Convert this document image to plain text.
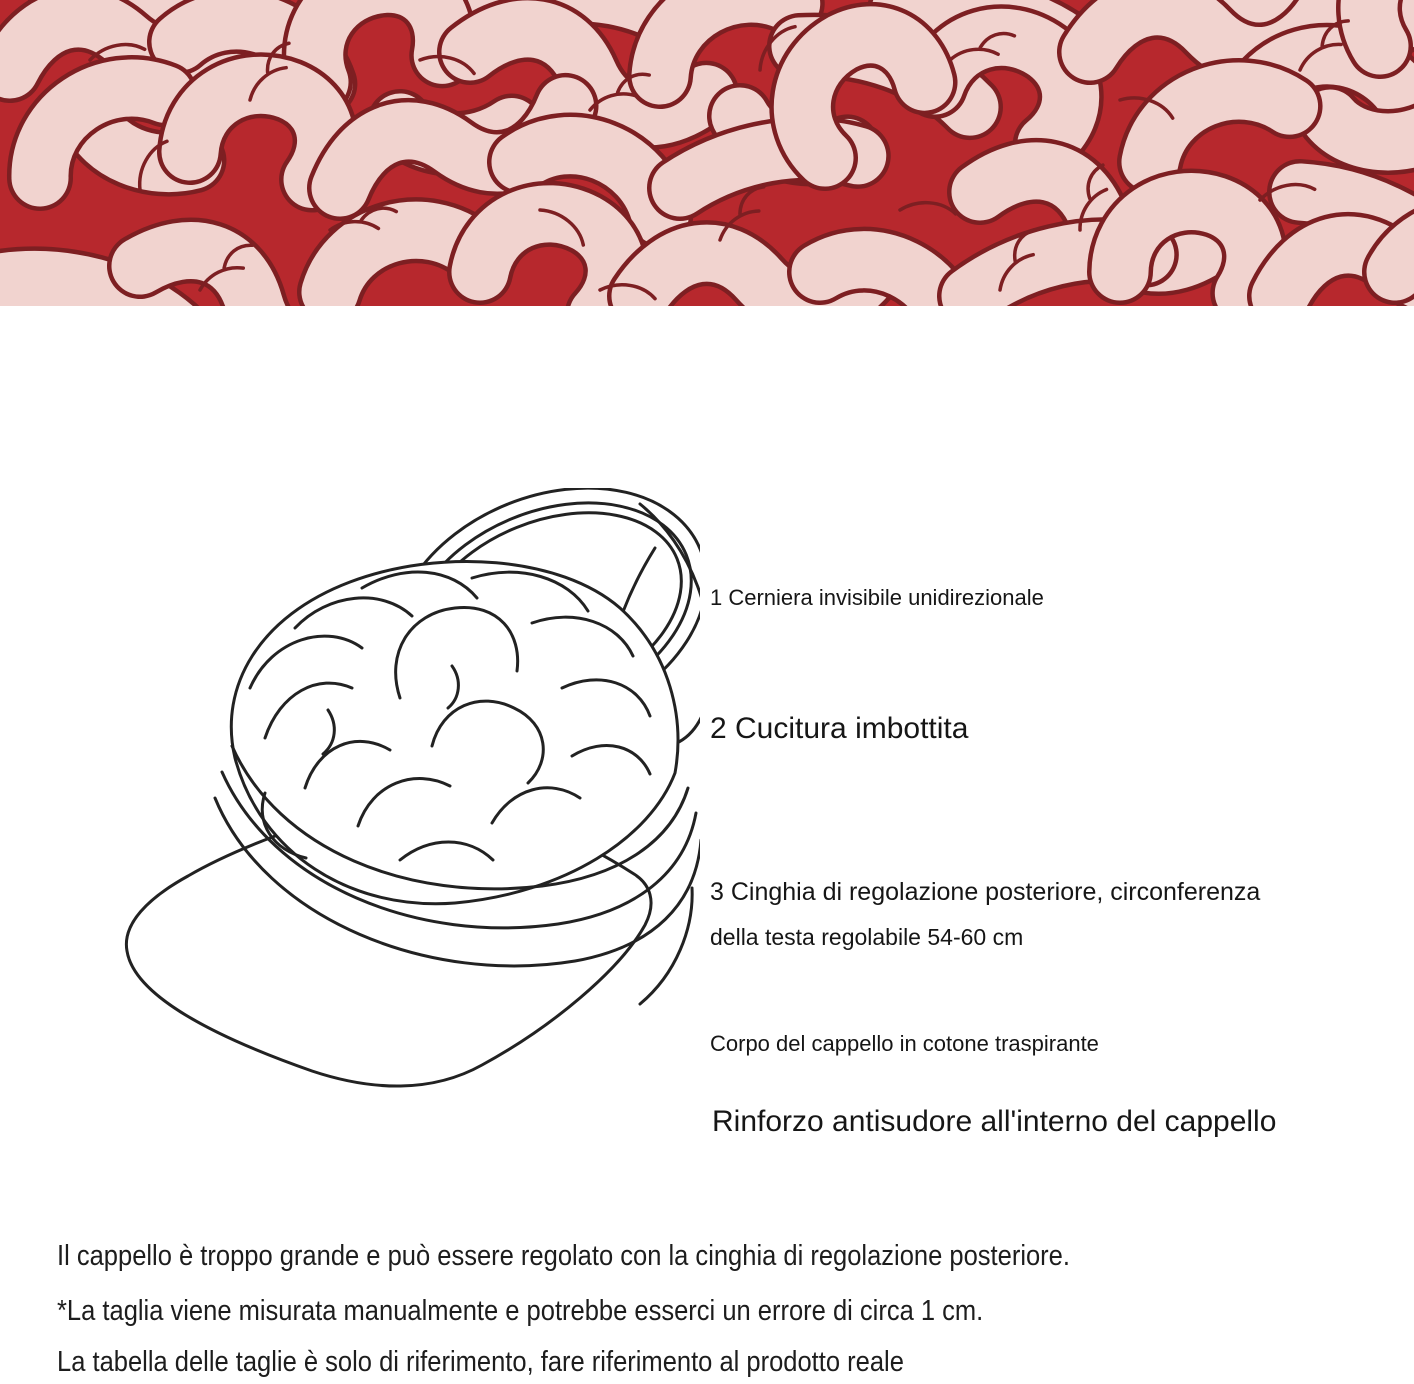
1 Cerniera invisibile unidirezionale
2 Cucitura imbottita
3 Cinghia di regolazione posteriore, circonferenza
della testa regolabile 54-60 cm
Corpo del cappello in cotone traspirante
Rinforzo antisudore all'interno del cappello
Il cappello è troppo grande e può essere regolato con la cinghia di regolazione posteriore.
*La taglia viene misurata manualmente e potrebbe esserci un errore di circa 1 cm.
La tabella delle taglie è solo di riferimento, fare riferimento al prodotto reale
